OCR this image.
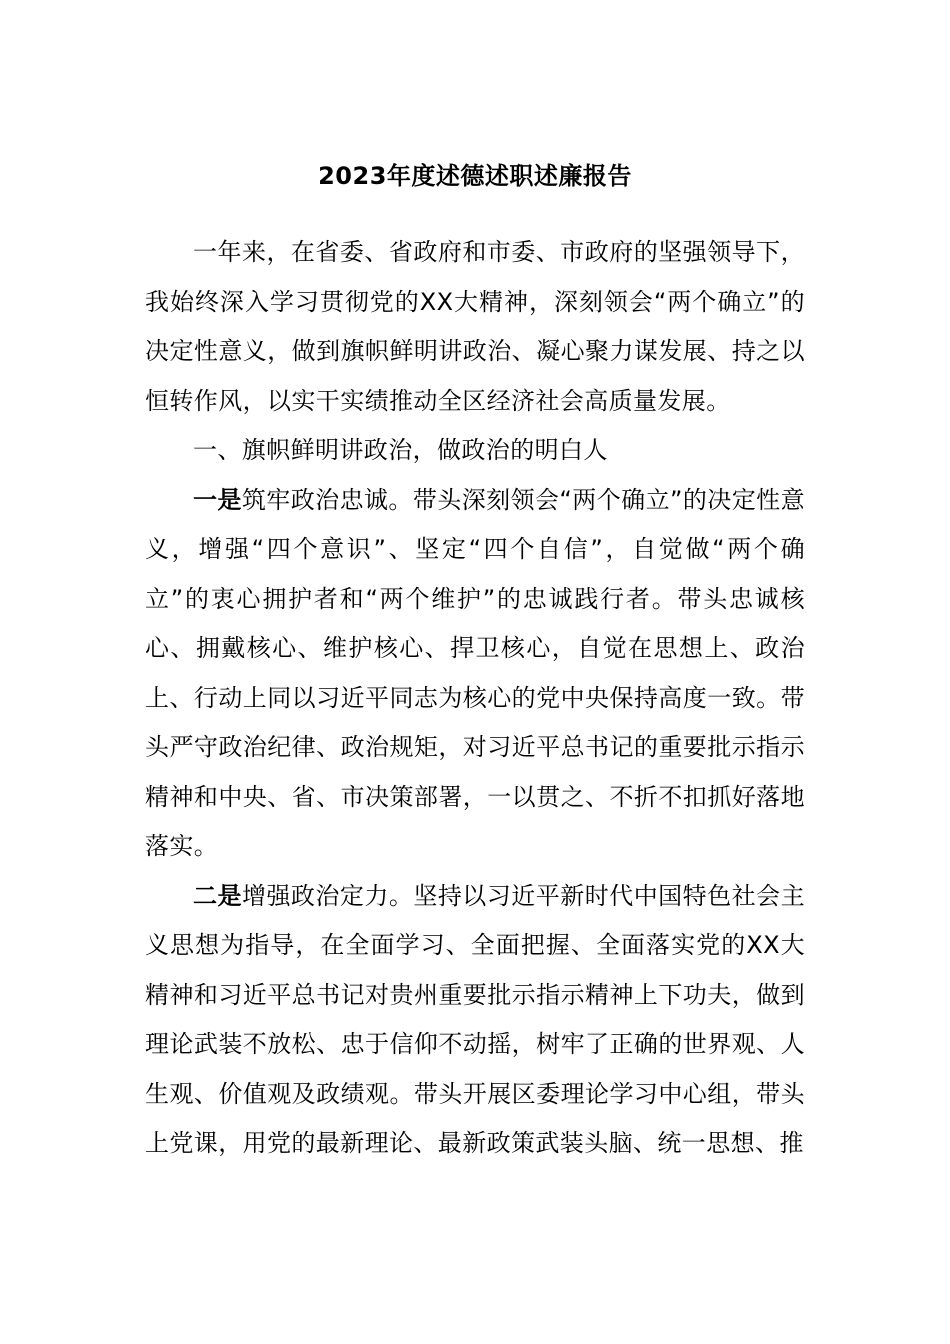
2023年度述德述职述廉报告

一年来，在省委、省政府和市委、市政府的坚强领导下，我始终深入学习贯彻党的XX大精神，深刻领会“两个确立”的决定性意义，做到旗帜鲜明讲政治、凝心聚力谋发展、持之以恒转作风，以实干实绩推动全区经济社会高质量发展。

一、旗帜鲜明讲政治，做政治的明白人

一是筑牢政治忠诚。带头深刻领会“两个确立”的决定性意义，增强“四个意识”、坚定“四个自信”，自觉做“两个确立”的衷心拥护者和“两个维护”的忠诚践行者。带头忠诚核心、拥戴核心、维护核心、捍卫核心，自觉在思想上、政治上、行动上同以习近平同志为核心的党中央保持高度一致。带头严守政治纪律、政治规矩，对习近平总书记的重要批示指示精神和中央、省、市决策部署，一以贯之、不折不扣抓好落地落实。

二是增强政治定力。坚持以习近平新时代中国特色社会主义思想为指导，在全面学习、全面把握、全面落实党的XX大精神和习近平总书记对贵州重要批示指示精神上下功夫，做到理论武装不放松、忠于信仰不动摇，树牢了正确的世界观、人生观、价值观及政绩观。带头开展区委理论学习中心组，带头上党课，用党的最新理论、最新政策武装头脑、统一思想、推
